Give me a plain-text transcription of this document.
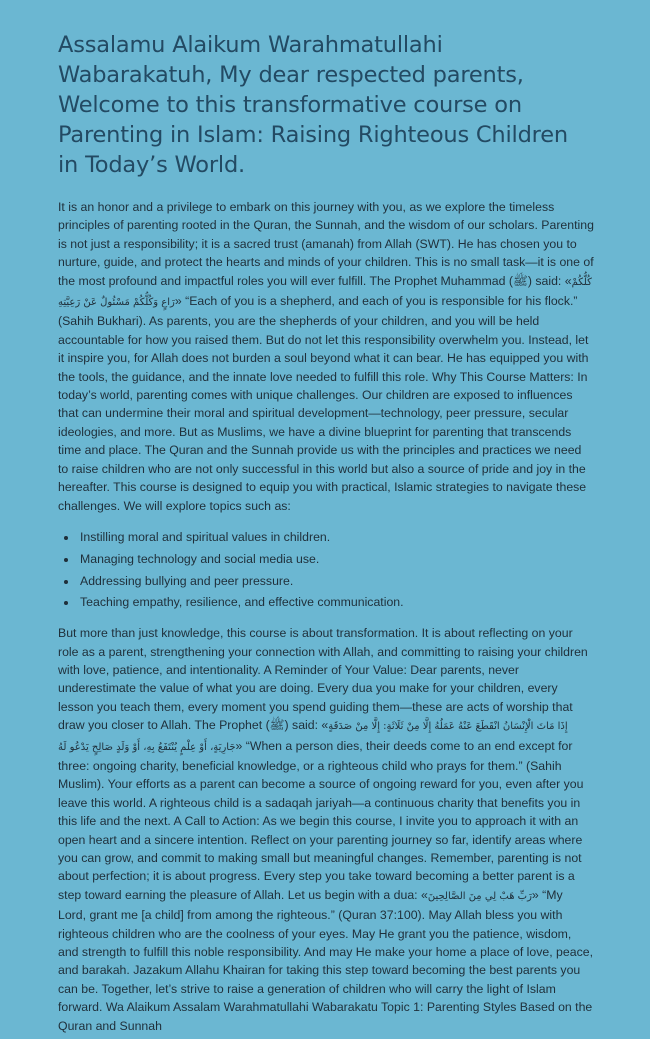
Assalamu Alaikum Warahmatullahi Wabarakatuh, My dear respected parents, Welcome to this transformative course on Parenting in Islam: Raising Righteous Children in Today’s World.

It is an honor and a privilege to embark on this journey with you, as we explore the timeless principles of parenting rooted in the Quran, the Sunnah, and the wisdom of our scholars. Parenting is not just a responsibility; it is a sacred trust (amanah) from Allah (SWT). He has chosen you to nurture, guide, and protect the hearts and minds of your children. This is no small task—it is one of the most profound and impactful roles you will ever fulfill. The Prophet Muhammad (ﷺ) said: «كُلُّكُمْ رَاعٍ وَكُلُّكُمْ مَسْئُولٌ عَنْ رَعِيَّتِهِ» “Each of you is a shepherd, and each of you is responsible for his flock.” (Sahih Bukhari). As parents, you are the shepherds of your children, and you will be held accountable for how you raised them. But do not let this responsibility overwhelm you. Instead, let it inspire you, for Allah does not burden a soul beyond what it can bear. He has equipped you with the tools, the guidance, and the innate love needed to fulfill this role. Why This Course Matters: In today’s world, parenting comes with unique challenges. Our children are exposed to influences that can undermine their moral and spiritual development—technology, peer pressure, secular ideologies, and more. But as Muslims, we have a divine blueprint for parenting that transcends time and place. The Quran and the Sunnah provide us with the principles and practices we need to raise children who are not only successful in this world but also a source of pride and joy in the hereafter. This course is designed to equip you with practical, Islamic strategies to navigate these challenges. We will explore topics such as:

• Instilling moral and spiritual values in children.
• Managing technology and social media use.
• Addressing bullying and peer pressure.
• Teaching empathy, resilience, and effective communication.

But more than just knowledge, this course is about transformation. It is about reflecting on your role as a parent, strengthening your connection with Allah, and committing to raising your children with love, patience, and intentionality. A Reminder of Your Value: Dear parents, never underestimate the value of what you are doing. Every dua you make for your children, every lesson you teach them, every moment you spend guiding them—these are acts of worship that draw you closer to Allah. The Prophet (ﷺ) said: «إِذَا مَاتَ الْإِنْسَانُ انْقَطَعَ عَنْهُ عَمَلُهُ إِلَّا مِنْ ثَلَاثَةٍ: إِلَّا مِنْ صَدَقَةٍ جَارِيَةٍ، أَوْ عِلْمٍ يُنْتَفَعُ بِهِ، أَوْ وَلَدٍ صَالِحٍ يَدْعُو لَهُ» “When a person dies, their deeds come to an end except for three: ongoing charity, beneficial knowledge, or a righteous child who prays for them.” (Sahih Muslim). Your efforts as a parent can become a source of ongoing reward for you, even after you leave this world. A righteous child is a sadaqah jariyah—a continuous charity that benefits you in this life and the next. A Call to Action: As we begin this course, I invite you to approach it with an open heart and a sincere intention. Reflect on your parenting journey so far, identify areas where you can grow, and commit to making small but meaningful changes. Remember, parenting is not about perfection; it is about progress. Every step you take toward becoming a better parent is a step toward earning the pleasure of Allah. Let us begin with a dua: «رَبِّ هَبْ لِي مِنَ الصَّالِحِينَ» “My Lord, grant me [a child] from among the righteous.” (Quran 37:100). May Allah bless you with righteous children who are the coolness of your eyes. May He grant you the patience, wisdom, and strength to fulfill this noble responsibility. And may He make your home a place of love, peace, and barakah. Jazakum Allahu Khairan for taking this step toward becoming the best parents you can be. Together, let’s strive to raise a generation of children who will carry the light of Islam forward. Wa Alaikum Assalam Warahmatullahi Wabarakatu Topic 1: Parenting Styles Based on the Quran and Sunnah
